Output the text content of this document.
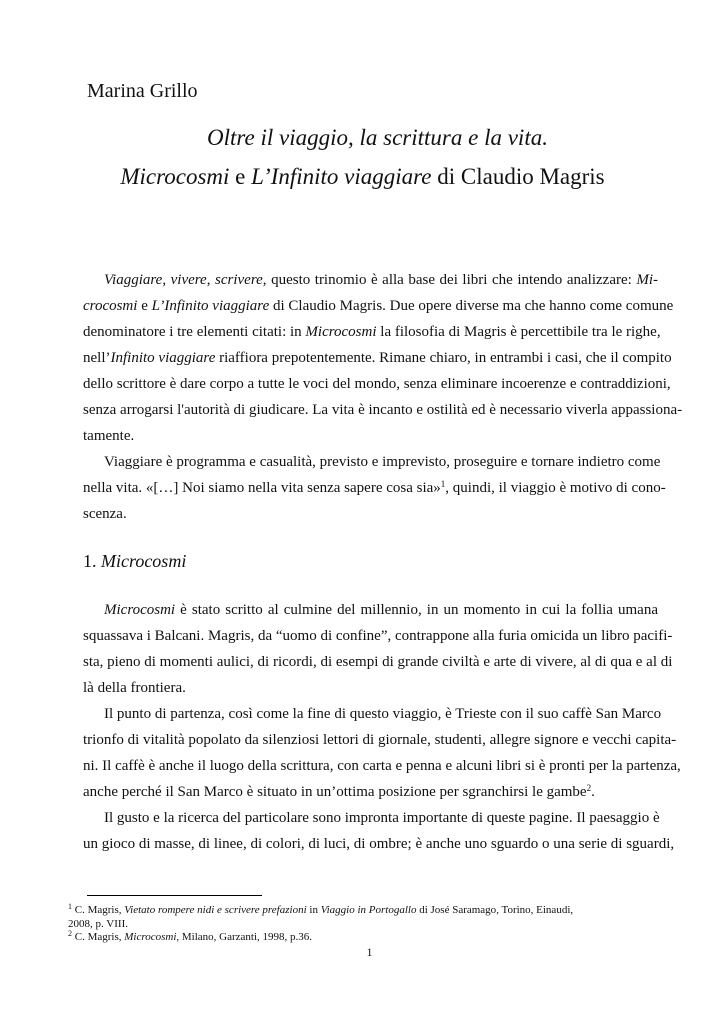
Marina Grillo
Oltre il viaggio, la scrittura e la vita.
Microcosmi e L’Infinito viaggiare di Claudio Magris
Viaggiare, vivere, scrivere, questo trinomio è alla base dei libri che intendo analizzare: Mi-
crocosmi e L’Infinito viaggiare di Claudio Magris. Due opere diverse ma che hanno come comune
denominatore i tre elementi citati: in Microcosmi la filosofia di Magris è percettibile tra le righe,
nell’Infinito viaggiare riaffiora prepotentemente. Rimane chiaro, in entrambi i casi, che il compito
dello scrittore è dare corpo a tutte le voci del mondo, senza eliminare incoerenze e contraddizioni,
senza arrogarsi l'autorità di giudicare. La vita è incanto e ostilità ed è necessario viverla appassiona-
tamente.
Viaggiare è programma e casualità, previsto e imprevisto, proseguire e tornare indietro come
nella vita. «[…] Noi siamo nella vita senza sapere cosa sia»$^1$, quindi, il viaggio è motivo di cono-
scenza.
1. Microcosmi
Microcosmi è stato scritto al culmine del millennio, in un momento in cui la follia umana
squassava i Balcani. Magris, da “uomo di confine”, contrappone alla furia omicida un libro pacifi-
sta, pieno di momenti aulici, di ricordi, di esempi di grande civiltà e arte di vivere, al di qua e al di
là della frontiera.
Il punto di partenza, così come la fine di questo viaggio, è Trieste con il suo caffè San Marco
trionfo di vitalità popolato da silenziosi lettori di giornale, studenti, allegre signore e vecchi capita-
ni. Il caffè è anche il luogo della scrittura, con carta e penna e alcuni libri si è pronti per la partenza,
anche perché il San Marco è situato in un’ottima posizione per sgranchirsi le gambe$^2$.
Il gusto e la ricerca del particolare sono impronta importante di queste pagine. Il paesaggio è
un gioco di masse, di linee, di colori, di luci, di ombre; è anche uno sguardo o una serie di sguardi,
$^1$ C. Magris, Vietato rompere nidi e scrivere prefazioni in Viaggio in Portogallo di José Saramago, Torino, Einaudi,
2008, p. VIII.
$^2$ C. Magris, Microcosmi, Milano, Garzanti, 1998, p.36.
1
